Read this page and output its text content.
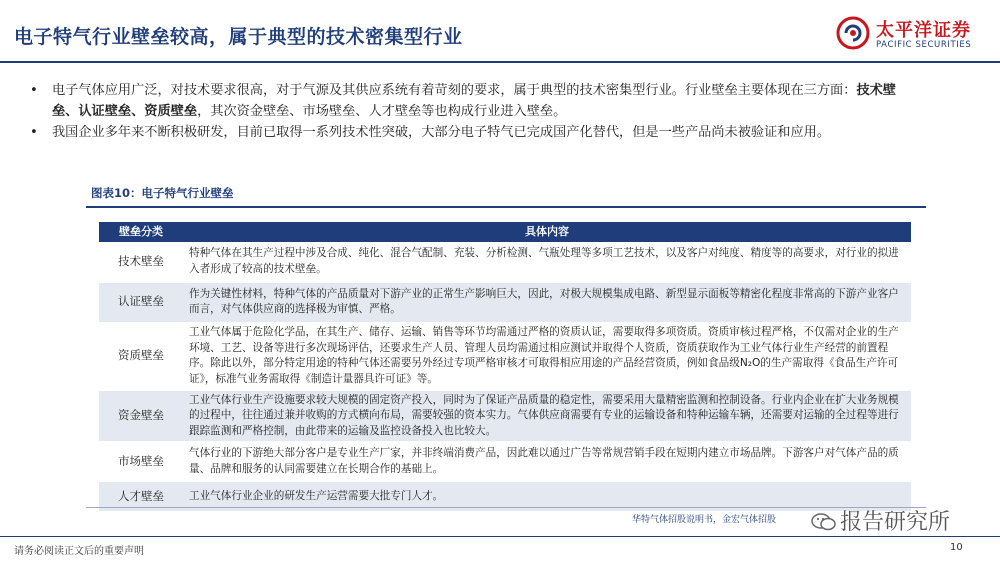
电子特气行业壁垒较高，属于典型的技术密集型行业	太平洋证券
PACIFIC SECURITIES

• 电子气体应用广泛，对技术要求很高，对于气源及其供应系统有着苛刻的要求，属于典型的技术密集型行业。行业壁垒主要体现在三方面：技术壁垒、认证壁垒、资质壁垒，其次资金壁垒、市场壁垒、人才壁垒等也构成行业进入壁垒。

• 我国企业多年来不断积极研发，目前已取得一系列技术性突破，大部分电子特气已完成国产化替代，但是一些产品尚未被验证和应用。

图表10：电子特气行业壁垒
壁垒分类	具体内容
技术壁垒	特种气体在其生产过程中涉及合成、纯化、混合气配制、充装、分析检测、气瓶处理等多项工艺技术，以及客户对纯度、精度等的高要求，对行业的拟进入者形成了较高的技术壁垒。
认证壁垒	作为关键性材料，特种气体的产品质量对下游产业的正常生产影响巨大，因此，对极大规模集成电路、新型显示面板等精密化程度非常高的下游产业客户而言，对气体供应商的选择极为审慎、严格。
资质壁垒	工业气体属于危险化学品，在其生产、储存、运输、销售等环节均需通过严格的资质认证，需要取得多项资质。资质审核过程严格，不仅需对企业的生产环境、工艺、设备等进行多次现场评估，还要求生产人员、管理人员均需通过相应测试并取得个人资质，资质获取作为工业气体行业生产经营的前置程序。除此以外，部分特定用途的特种气体还需要另外经过专项严格审核才可取得相应用途的产品经营资质，例如食品级N₂O的生产需取得《食品生产许可证》，标准气业务需取得《制造计量器具许可证》等。
资金壁垒	工业气体行业生产设施要求较大规模的固定资产投入，同时为了保证产品质量的稳定性，需要采用大量精密监测和控制设备。行业内企业在扩大业务规模的过程中，往往通过兼并收购的方式横向布局，需要较强的资本实力。气体供应商需要有专业的运输设备和特种运输车辆，还需要对运输的全过程等进行跟踪监测和严格控制，由此带来的运输及监控设备投入也比较大。
市场壁垒	气体行业的下游绝大部分客户是专业生产厂家，并非终端消费产品，因此难以通过广告等常规营销手段在短期内建立市场品牌。下游客户对气体产品的质量、品牌和服务的认同需要建立在长期合作的基础上。
人才壁垒	工业气体行业企业的研发生产运营需要大批专门人才。
华特气体招股说明书，金宏气体招股	报告研究所
请务必阅读正文后的重要声明	10
